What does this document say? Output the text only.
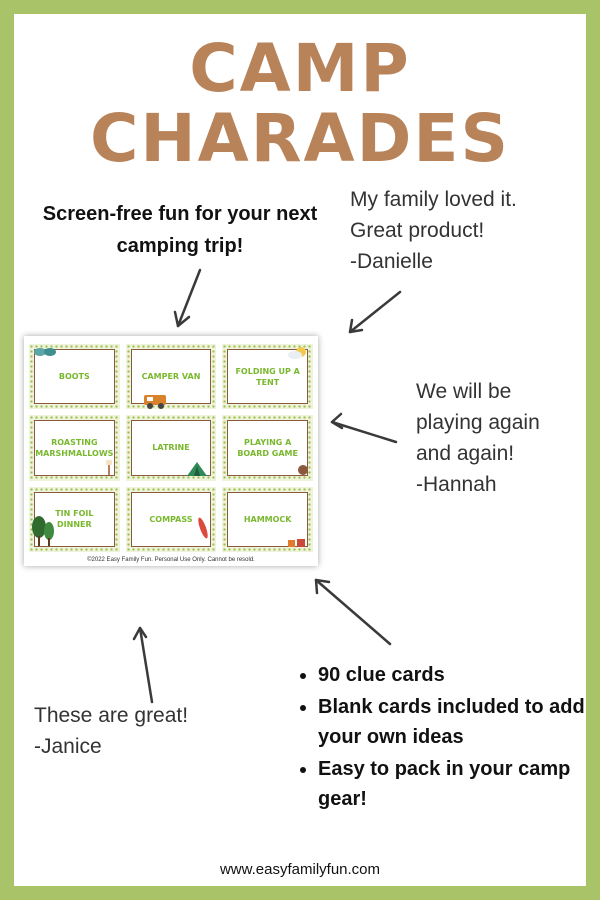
CAMP
CHARADES
Screen-free fun for your next camping trip!
My family loved it.
Great product!
-Danielle
We will be
playing again
and again!
-Hannah
These are great!
-Janice
BOOTS	CAMPER VAN
FOLDING UP A TENT
ROASTING MARSHMALLOWS
LATRINE
PLAYING A BOARD GAME
TIN FOIL DINNER
COMPASS	HAMMOCK
©2022 Easy Family Fun. Personal Use Only. Cannot be resold.
• 90 clue cards
• Blank cards included to add your own ideas
• Easy to pack in your camp gear!
www.easyfamilyfun.com
